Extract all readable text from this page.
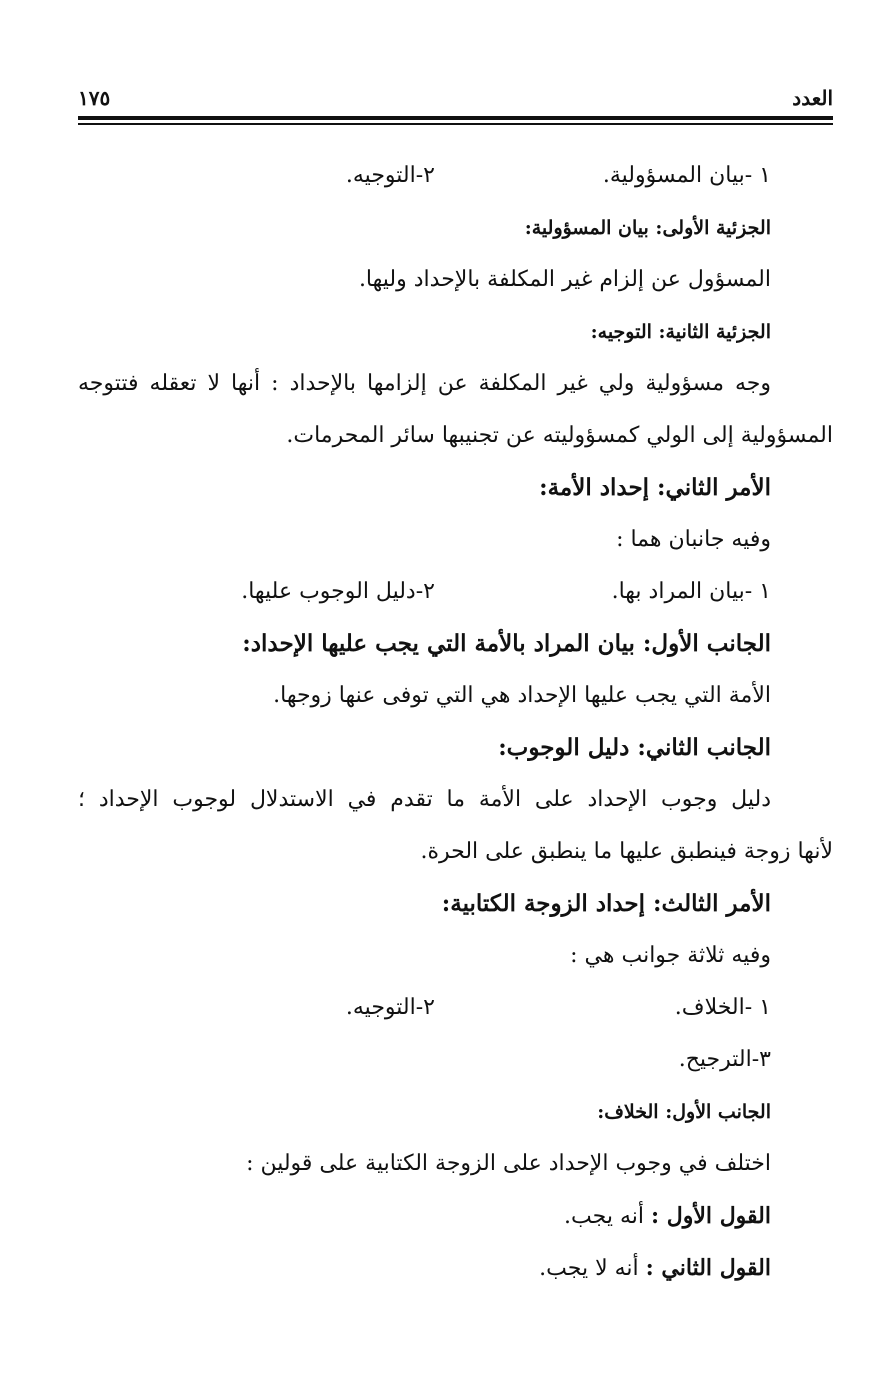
العدد
١٧٥
١ -بيان المسؤولية.
٢-التوجيه.
الجزئية الأولى: بيان المسؤولية:
المسؤول عن إلزام غير المكلفة بالإحداد وليها.
الجزئية الثانية: التوجيه:
وجه مسؤولية ولي غير المكلفة عن إلزامها بالإحداد : أنها لا تعقله فتتوجه
المسؤولية إلى الولي كمسؤوليته عن تجنيبها سائر المحرمات.
الأمر الثاني: إحداد الأمة:
وفيه جانبان هما :
١ -بيان المراد بها.
٢-دليل الوجوب عليها.
الجانب الأول: بيان المراد بالأمة التي يجب عليها الإحداد:
الأمة التي يجب عليها الإحداد هي التي توفى عنها زوجها.
الجانب الثاني: دليل الوجوب:
دليل وجوب الإحداد على الأمة ما تقدم في الاستدلال لوجوب الإحداد ؛
لأنها زوجة فينطبق عليها ما ينطبق على الحرة.
الأمر الثالث: إحداد الزوجة الكتابية:
وفيه ثلاثة جوانب هي :
١ -الخلاف.
٢-التوجيه.
٣-الترجيح.
الجانب الأول: الخلاف:
اختلف في وجوب الإحداد على الزوجة الكتابية على قولين :
القول الأول : أنه يجب.
القول الثاني : أنه لا يجب.
